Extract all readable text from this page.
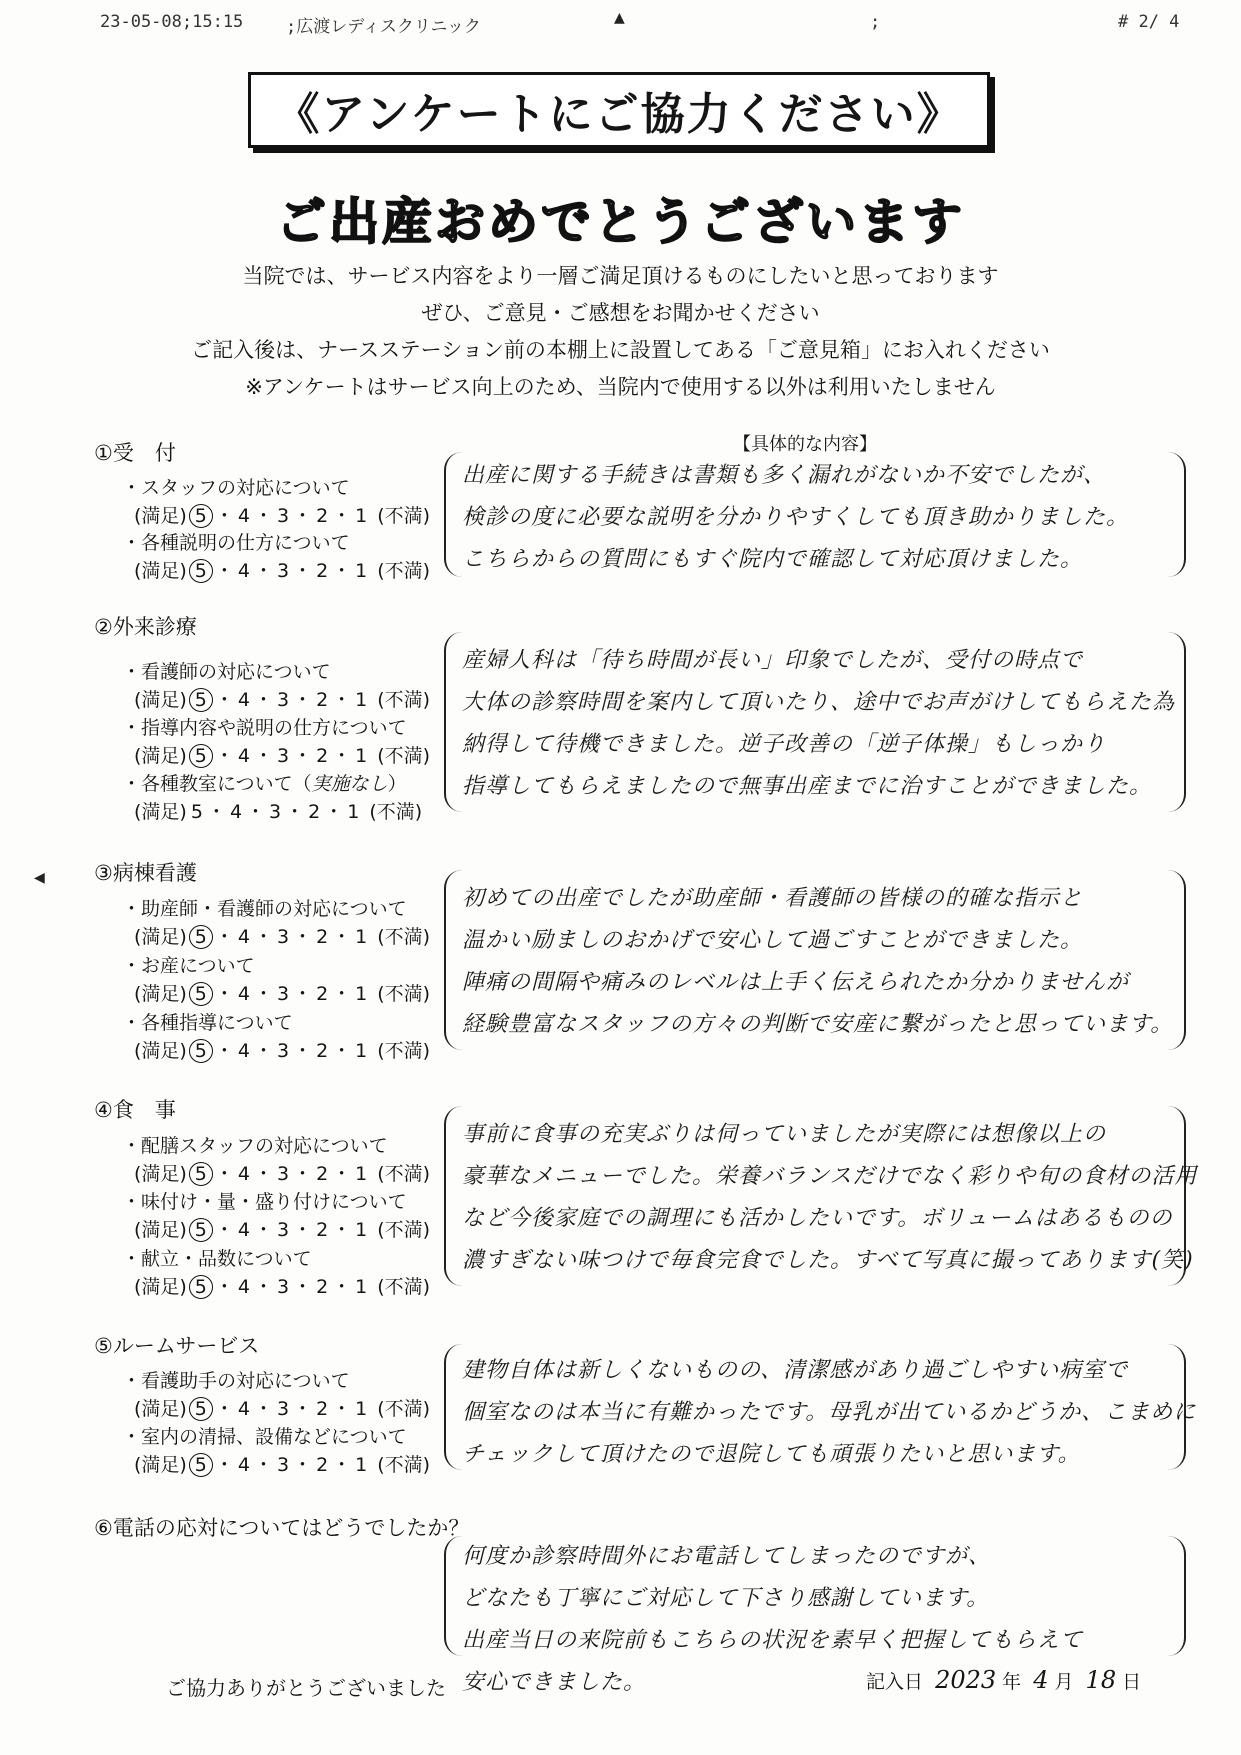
23-05-08;15:15	;広渡レディスクリニック	;	# 2/ 4
▲
◀
《アンケートにご協力ください》
ご出産おめでとうございます
当院では、サービス内容をより一層ご満足頂けるものにしたいと思っております
ぜひ、ご意見・ご感想をお聞かせください
ご記入後は、ナースステーション前の本棚上に設置してある「ご意見箱」にお入れください
※アンケートはサービス向上のため、当院内で使用する以外は利用いたしません
【具体的な内容】
①受　付
・スタッフの対応について
(満足) 5 ・ 4 ・ 3 ・ 2 ・ 1 (不満)
・各種説明の仕方について
(満足) 5 ・ 4 ・ 3 ・ 2 ・ 1 (不満)
出産に関する手続きは書類も多く漏れがないか不安でしたが、
検診の度に必要な説明を分かりやすくしても頂き助かりました。
こちらからの質問にもすぐ院内で確認して対応頂けました。
②外来診療
・看護師の対応について
(満足) 5 ・ 4 ・ 3 ・ 2 ・ 1 (不満)
・指導内容や説明の仕方について
(満足) 5 ・ 4 ・ 3 ・ 2 ・ 1 (不満)
・各種教室について（実施なし）
(満足) 5 ・ 4 ・ 3 ・ 2 ・ 1 (不満)
産婦人科は「待ち時間が長い」印象でしたが、受付の時点で
大体の診察時間を案内して頂いたり、途中でお声がけしてもらえた為
納得して待機できました。逆子改善の「逆子体操」もしっかり
指導してもらえましたので無事出産までに治すことができました。
③病棟看護
・助産師・看護師の対応について
(満足) 5 ・ 4 ・ 3 ・ 2 ・ 1 (不満)
・お産について
(満足) 5 ・ 4 ・ 3 ・ 2 ・ 1 (不満)
・各種指導について
(満足) 5 ・ 4 ・ 3 ・ 2 ・ 1 (不満)
初めての出産でしたが助産師・看護師の皆様の的確な指示と
温かい励ましのおかげで安心して過ごすことができました。
陣痛の間隔や痛みのレベルは上手く伝えられたか分かりませんが
経験豊富なスタッフの方々の判断で安産に繋がったと思っています。
④食　事
・配膳スタッフの対応について
(満足) 5 ・ 4 ・ 3 ・ 2 ・ 1 (不満)
・味付け・量・盛り付けについて
(満足) 5 ・ 4 ・ 3 ・ 2 ・ 1 (不満)
・献立・品数について
(満足) 5 ・ 4 ・ 3 ・ 2 ・ 1 (不満)
事前に食事の充実ぶりは伺っていましたが実際には想像以上の
豪華なメニューでした。栄養バランスだけでなく彩りや旬の食材の活用
など今後家庭での調理にも活かしたいです。ボリュームはあるものの
濃すぎない味つけで毎食完食でした。すべて写真に撮ってあります(笑)
⑤ルームサービス
・看護助手の対応について
(満足) 5 ・ 4 ・ 3 ・ 2 ・ 1 (不満)
・室内の清掃、設備などについて
(満足) 5 ・ 4 ・ 3 ・ 2 ・ 1 (不満)
建物自体は新しくないものの、清潔感があり過ごしやすい病室で
個室なのは本当に有難かったです。母乳が出ているかどうか、こまめに
チェックして頂けたので退院しても頑張りたいと思います。
⑥電話の応対についてはどうでしたか？
何度か診察時間外にお電話してしまったのですが、
どなたも丁寧にご対応して下さり感謝しています。
出産当日の来院前もこちらの状況を素早く把握してもらえて
安心できました。
ご協力ありがとうございました	記入日 2023 年 4 月 18 日
